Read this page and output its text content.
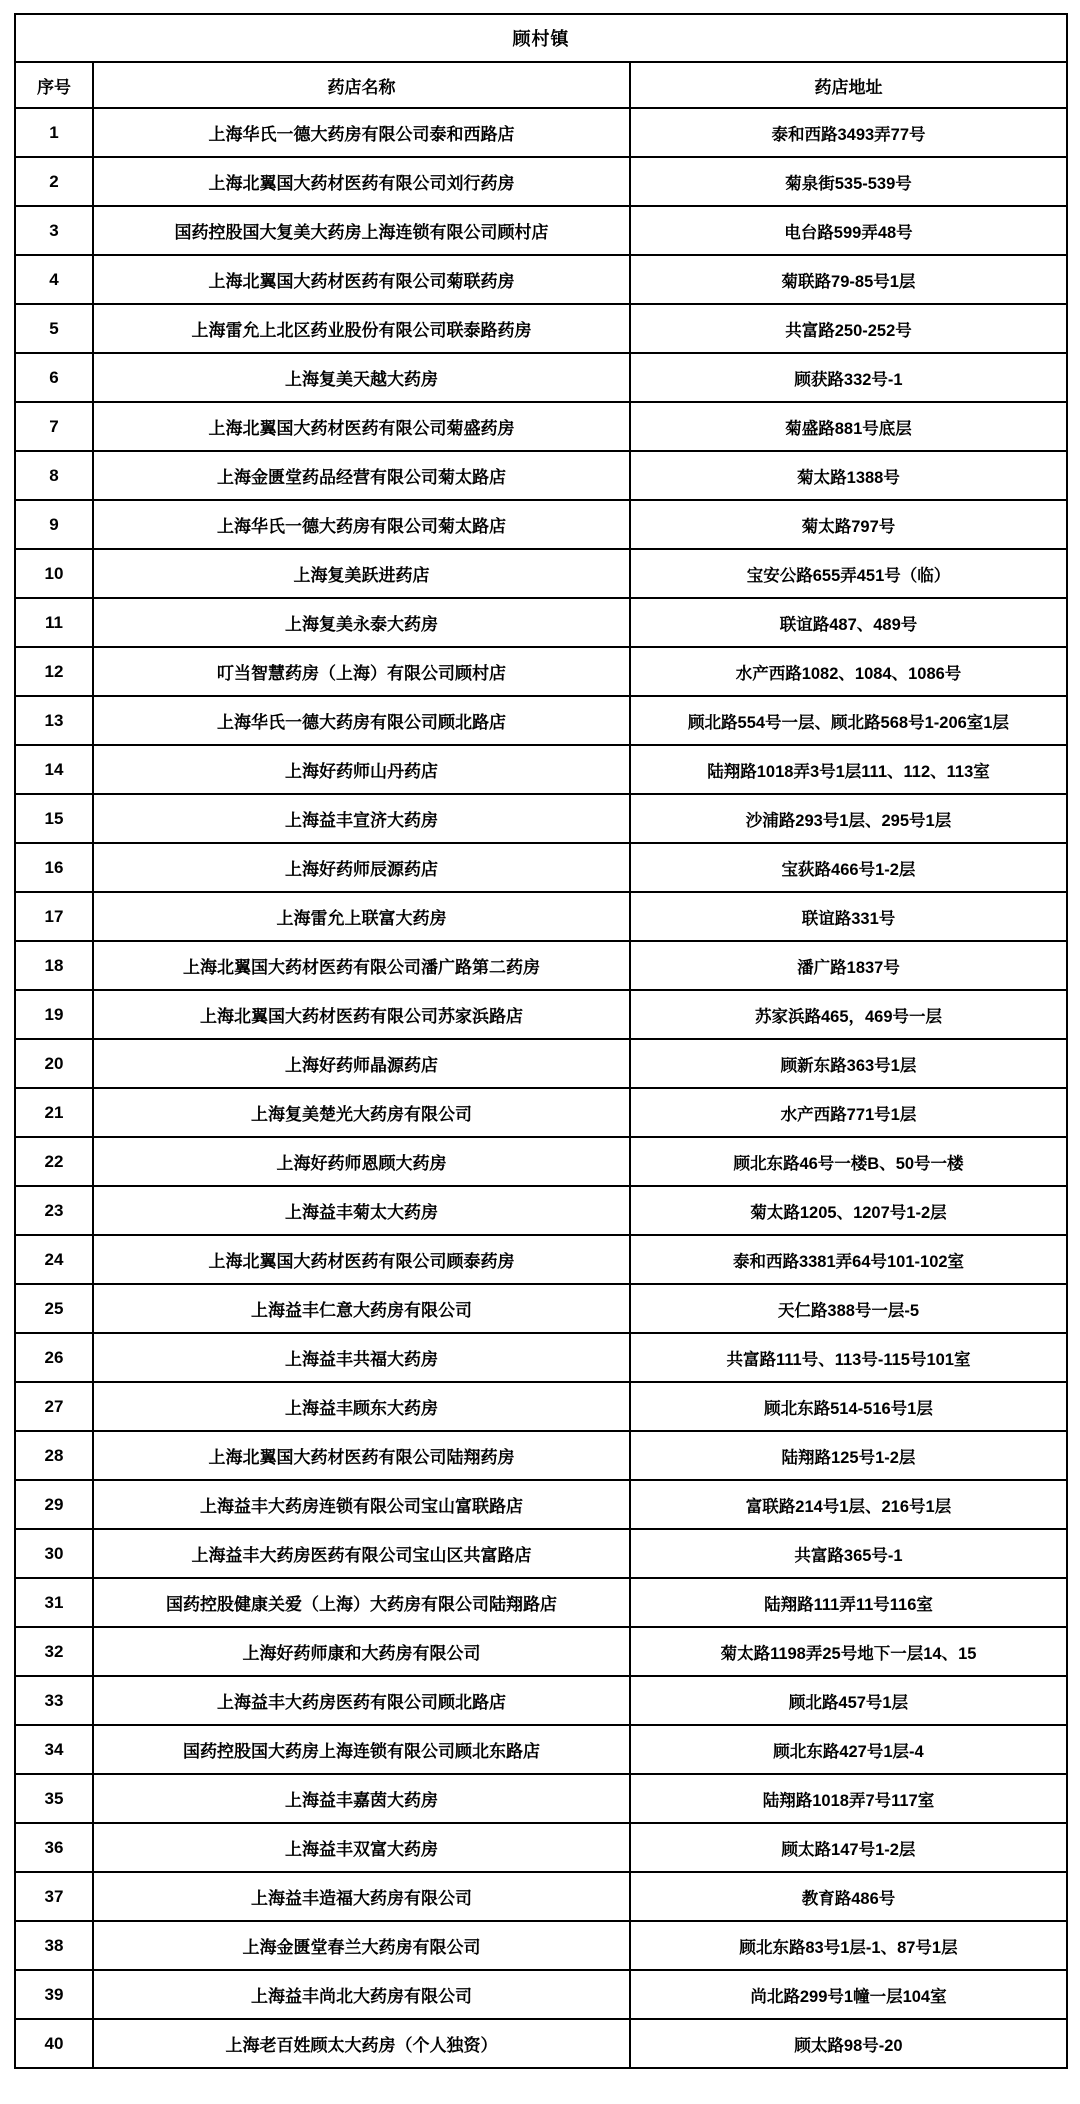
顾村镇		
序号	药店名称	药店地址
1	上海华氏一德大药房有限公司泰和西路店	泰和西路3493弄77号
2	上海北翼国大药材医药有限公司刘行药房	菊泉街535-539号
3	国药控股国大复美大药房上海连锁有限公司顾村店	电台路599弄48号
4	上海北翼国大药材医药有限公司菊联药房	菊联路79-85号1层
5	上海雷允上北区药业股份有限公司联泰路药房	共富路250-252号
6	上海复美天越大药房	顾获路332号-1
7	上海北翼国大药材医药有限公司菊盛药房	菊盛路881号底层
8	上海金匮堂药品经营有限公司菊太路店	菊太路1388号
9	上海华氏一德大药房有限公司菊太路店	菊太路797号
10	上海复美跃进药店	宝安公路655弄451号（临）
11	上海复美永泰大药房	联谊路487、489号
12	叮当智慧药房（上海）有限公司顾村店	水产西路1082、1084、1086号
13	上海华氏一德大药房有限公司顾北路店	顾北路554号一层、顾北路568号1-206室1层
14	上海好药师山丹药店	陆翔路1018弄3号1层111、112、113室
15	上海益丰宣济大药房	沙浦路293号1层、295号1层
16	上海好药师辰源药店	宝荻路466号1-2层
17	上海雷允上联富大药房	联谊路331号
18	上海北翼国大药材医药有限公司潘广路第二药房	潘广路1837号
19	上海北翼国大药材医药有限公司苏家浜路店	苏家浜路465，469号一层
20	上海好药师晶源药店	顾新东路363号1层
21	上海复美楚光大药房有限公司	水产西路771号1层
22	上海好药师恩顾大药房	顾北东路46号一楼B、50号一楼
23	上海益丰菊太大药房	菊太路1205、1207号1-2层
24	上海北翼国大药材医药有限公司顾泰药房	泰和西路3381弄64号101-102室
25	上海益丰仁意大药房有限公司	天仁路388号一层-5
26	上海益丰共福大药房	共富路111号、113号-115号101室
27	上海益丰顾东大药房	顾北东路514-516号1层
28	上海北翼国大药材医药有限公司陆翔药房	陆翔路125号1-2层
29	上海益丰大药房连锁有限公司宝山富联路店	富联路214号1层、216号1层
30	上海益丰大药房医药有限公司宝山区共富路店	共富路365号-1
31	国药控股健康关爱（上海）大药房有限公司陆翔路店	陆翔路111弄11号116室
32	上海好药师康和大药房有限公司	菊太路1198弄25号地下一层14、15
33	上海益丰大药房医药有限公司顾北路店	顾北路457号1层
34	国药控股国大药房上海连锁有限公司顾北东路店	顾北东路427号1层-4
35	上海益丰嘉茵大药房	陆翔路1018弄7号117室
36	上海益丰双富大药房	顾太路147号1-2层
37	上海益丰造福大药房有限公司	教育路486号
38	上海金匮堂春兰大药房有限公司	顾北东路83号1层-1、87号1层
39	上海益丰尚北大药房有限公司	尚北路299号1幢一层104室
40	上海老百姓顾太大药房（个人独资）	顾太路98号-20
